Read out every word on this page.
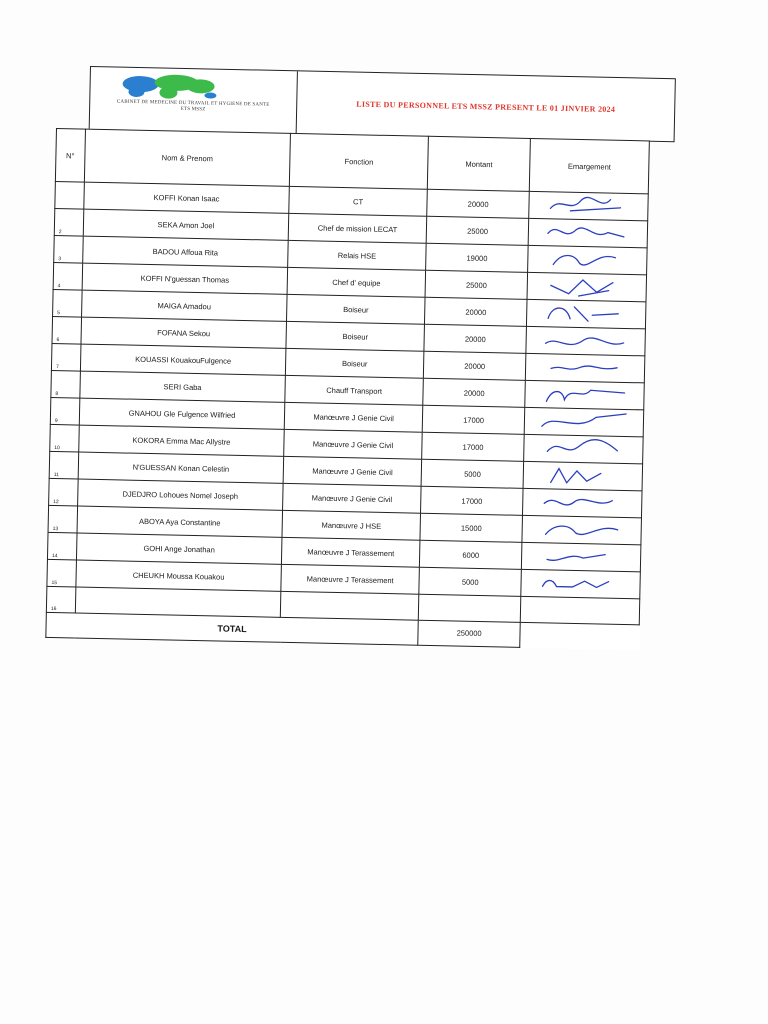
CABINET DE MEDECINE DU TRAVAIL ET HYGIENE DE SANTE
ETS MSSZ	LISTE DU PERSONNEL ETS MSSZ PRESENT LE 01 JINVIER 2024
N°	Nom & Prenom	Fonction	Montant	Emargement
	KOFFI Konan Isaac	CT	20000	
2	SEKA Amon Joel	Chef de mission LECAT	25000	
3	BADOU Affoua Rita	Relais HSE	19000	
4	KOFFI N'guessan Thomas	Chef d' equipe	25000	
5	MAIGA Amadou	Boiseur	20000	
6	FOFANA Sekou	Boiseur	20000	
7	KOUASSI KouakouFulgence	Boiseur	20000	
8	SERI Gaba	Chauff Transport	20000	
9	GNAHOU Gle Fulgence Wilfried	Manœuvre J Genie Civil	17000	
10	KOKORA Emma Mac Allystre	Manœuvre J Genie Civil	17000	
11	N'GUESSAN Konan Celestin	Manœuvre J Genie Civil	5000	
12	DJEDJRO Lohoues Nomel Joseph	Manœuvre J Genie Civil	17000	
13	ABOYA Aya Constantine	Manœuvre J HSE	15000	
14	GOHI Ange Jonathan	Manœuvre J Terassement	6000	
15	CHEUKH Moussa Kouakou	Manœuvre J Terassement	5000	
16				
TOTAL			250000	
